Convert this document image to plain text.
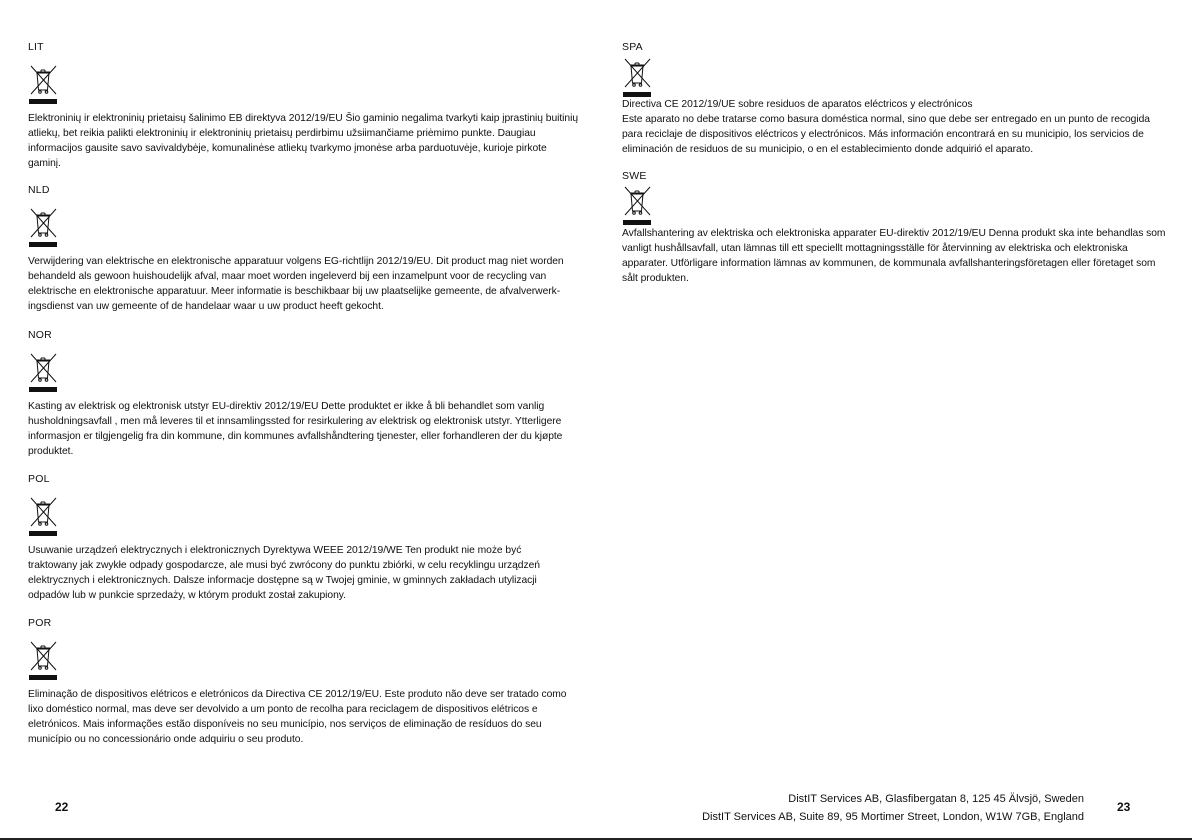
LIT
Elektroninių ir elektroninių prietaisų šalinimo EB direktyva 2012/19/EU Šio gaminio negalima tvarkyti kaip įprastinių buitinių
atliekų, bet reikia palikti elektroninių ir elektroninių prietaisų perdirbimu užsiimančiame priėmimo punkte. Daugiau
informacijos gausite savo savivaldybėje, komunalinėse atliekų tvarkymo įmonėse arba parduotuvėje, kurioje pirkote
gaminį.
NLD
Verwijdering van elektrische en elektronische apparatuur volgens EG-richtlijn 2012/19/EU. Dit product mag niet worden
behandeld als gewoon huishoudelijk afval, maar moet worden ingeleverd bij een inzamelpunt voor de recycling van
elektrische en elektronische apparatuur. Meer informatie is beschikbaar bij uw plaatselijke gemeente, de afvalverwerk-
ingsdienst van uw gemeente of de handelaar waar u uw product heeft gekocht.
NOR
Kasting av elektrisk og elektronisk utstyr EU-direktiv 2012/19/EU Dette produktet er ikke å bli behandlet som vanlig
husholdningsavfall , men må leveres til et innsamlingssted for resirkulering av elektrisk og elektronisk utstyr. Ytterligere
informasjon er tilgjengelig fra din kommune, din kommunes avfallshåndtering tjenester, eller forhandleren der du kjøpte
produktet.
POL
Usuwanie urządzeń elektrycznych i elektronicznych Dyrektywa WEEE 2012/19/WE Ten produkt nie może być
traktowany jak zwykłe odpady gospodarcze, ale musi być zwrócony do punktu zbiórki, w celu recyklingu urządzeń
elektrycznych i elektronicznych. Dalsze informacje dostępne są w Twojej gminie, w gminnych zakładach utylizacji
odpadów lub w punkcie sprzedaży, w którym produkt został zakupiony.
POR
Eliminação de dispositivos elétricos e eletrónicos da Directiva CE 2012/19/EU. Este produto não deve ser tratado como
lixo doméstico normal, mas deve ser devolvido a um ponto de recolha para reciclagem de dispositivos elétricos e
eletrónicos. Mais informações estão disponíveis no seu município, nos serviços de eliminação de resíduos do seu
município ou no concessionário onde adquiriu o seu produto.
22
SPA
Directiva CE 2012/19/UE sobre residuos de aparatos eléctricos y electrónicos
Este aparato no debe tratarse como basura doméstica normal, sino que debe ser entregado en un punto de recogida
para reciclaje de dispositivos eléctricos y electrónicos. Más información encontrará en su municipio, los servicios de
eliminación de residuos de su municipio, o en el establecimiento donde adquirió el aparato.
SWE
Avfallshantering av elektriska och elektroniska apparater EU-direktiv 2012/19/EU Denna produkt ska inte behandlas som
vanligt hushållsavfall, utan lämnas till ett speciellt mottagningsställe för återvinning av elektriska och elektroniska
apparater. Utförligare information lämnas av kommunen, de kommunala avfallshanteringsföretagen eller företaget som
sålt produkten.
DistIT Services AB, Glasfibergatan 8, 125 45 Älvsjö, Sweden
DistIT Services AB, Suite 89, 95 Mortimer Street, London, W1W 7GB, England
23
